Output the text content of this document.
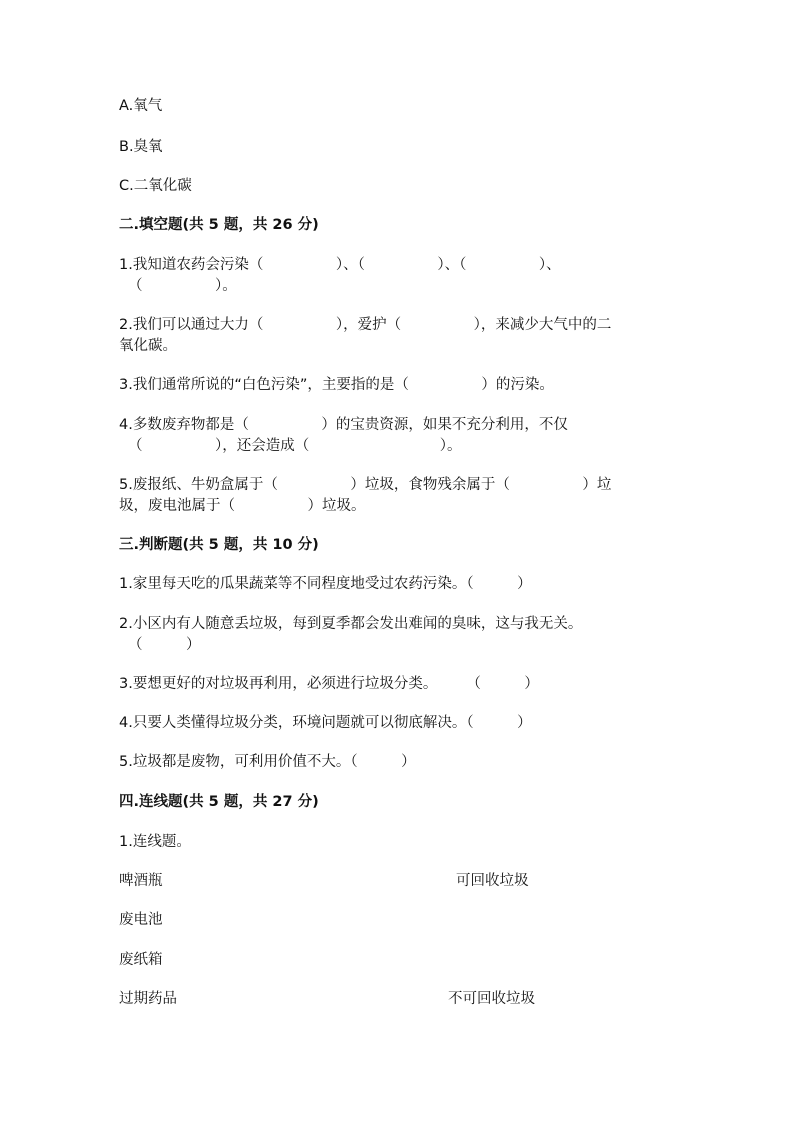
A.氧气
B.臭氧
C.二氧化碳
二.填空题(共 5 题，共 26 分)
1.我知道农药会污染（　　　　　）、（　　　　　）、（　　　　　）、
（　　　　　）。
2.我们可以通过大力（　　　　　），爱护（　　　　　），来减少大气中的二
氧化碳。
3.我们通常所说的“白色污染”，主要指的是（　　　　　）的污染。
4.多数废弃物都是（　　　　　）的宝贵资源，如果不充分利用，不仅
（　　　　　），还会造成（　　　　　　　　　）。
5.废报纸、牛奶盒属于（　　　　　）垃圾，食物残余属于（　　　　　）垃
圾，废电池属于（　　　　　）垃圾。
三.判断题(共 5 题，共 10 分)
1.家里每天吃的瓜果蔬菜等不同程度地受过农药污染。（　　　）
2.小区内有人随意丢垃圾，每到夏季都会发出难闻的臭味，这与我无关。
（　　　）
3.要想更好的对垃圾再利用，必须进行垃圾分类。　　　（　　　）
4.只要人类懂得垃圾分类，环境问题就可以彻底解决。（　　　）
5.垃圾都是废物，可利用价值不大。（　　　）
四.连线题(共 5 题，共 27 分)
1.连线题。
啤酒瓶	可回收垃圾
废电池
废纸箱
过期药品	不可回收垃圾
